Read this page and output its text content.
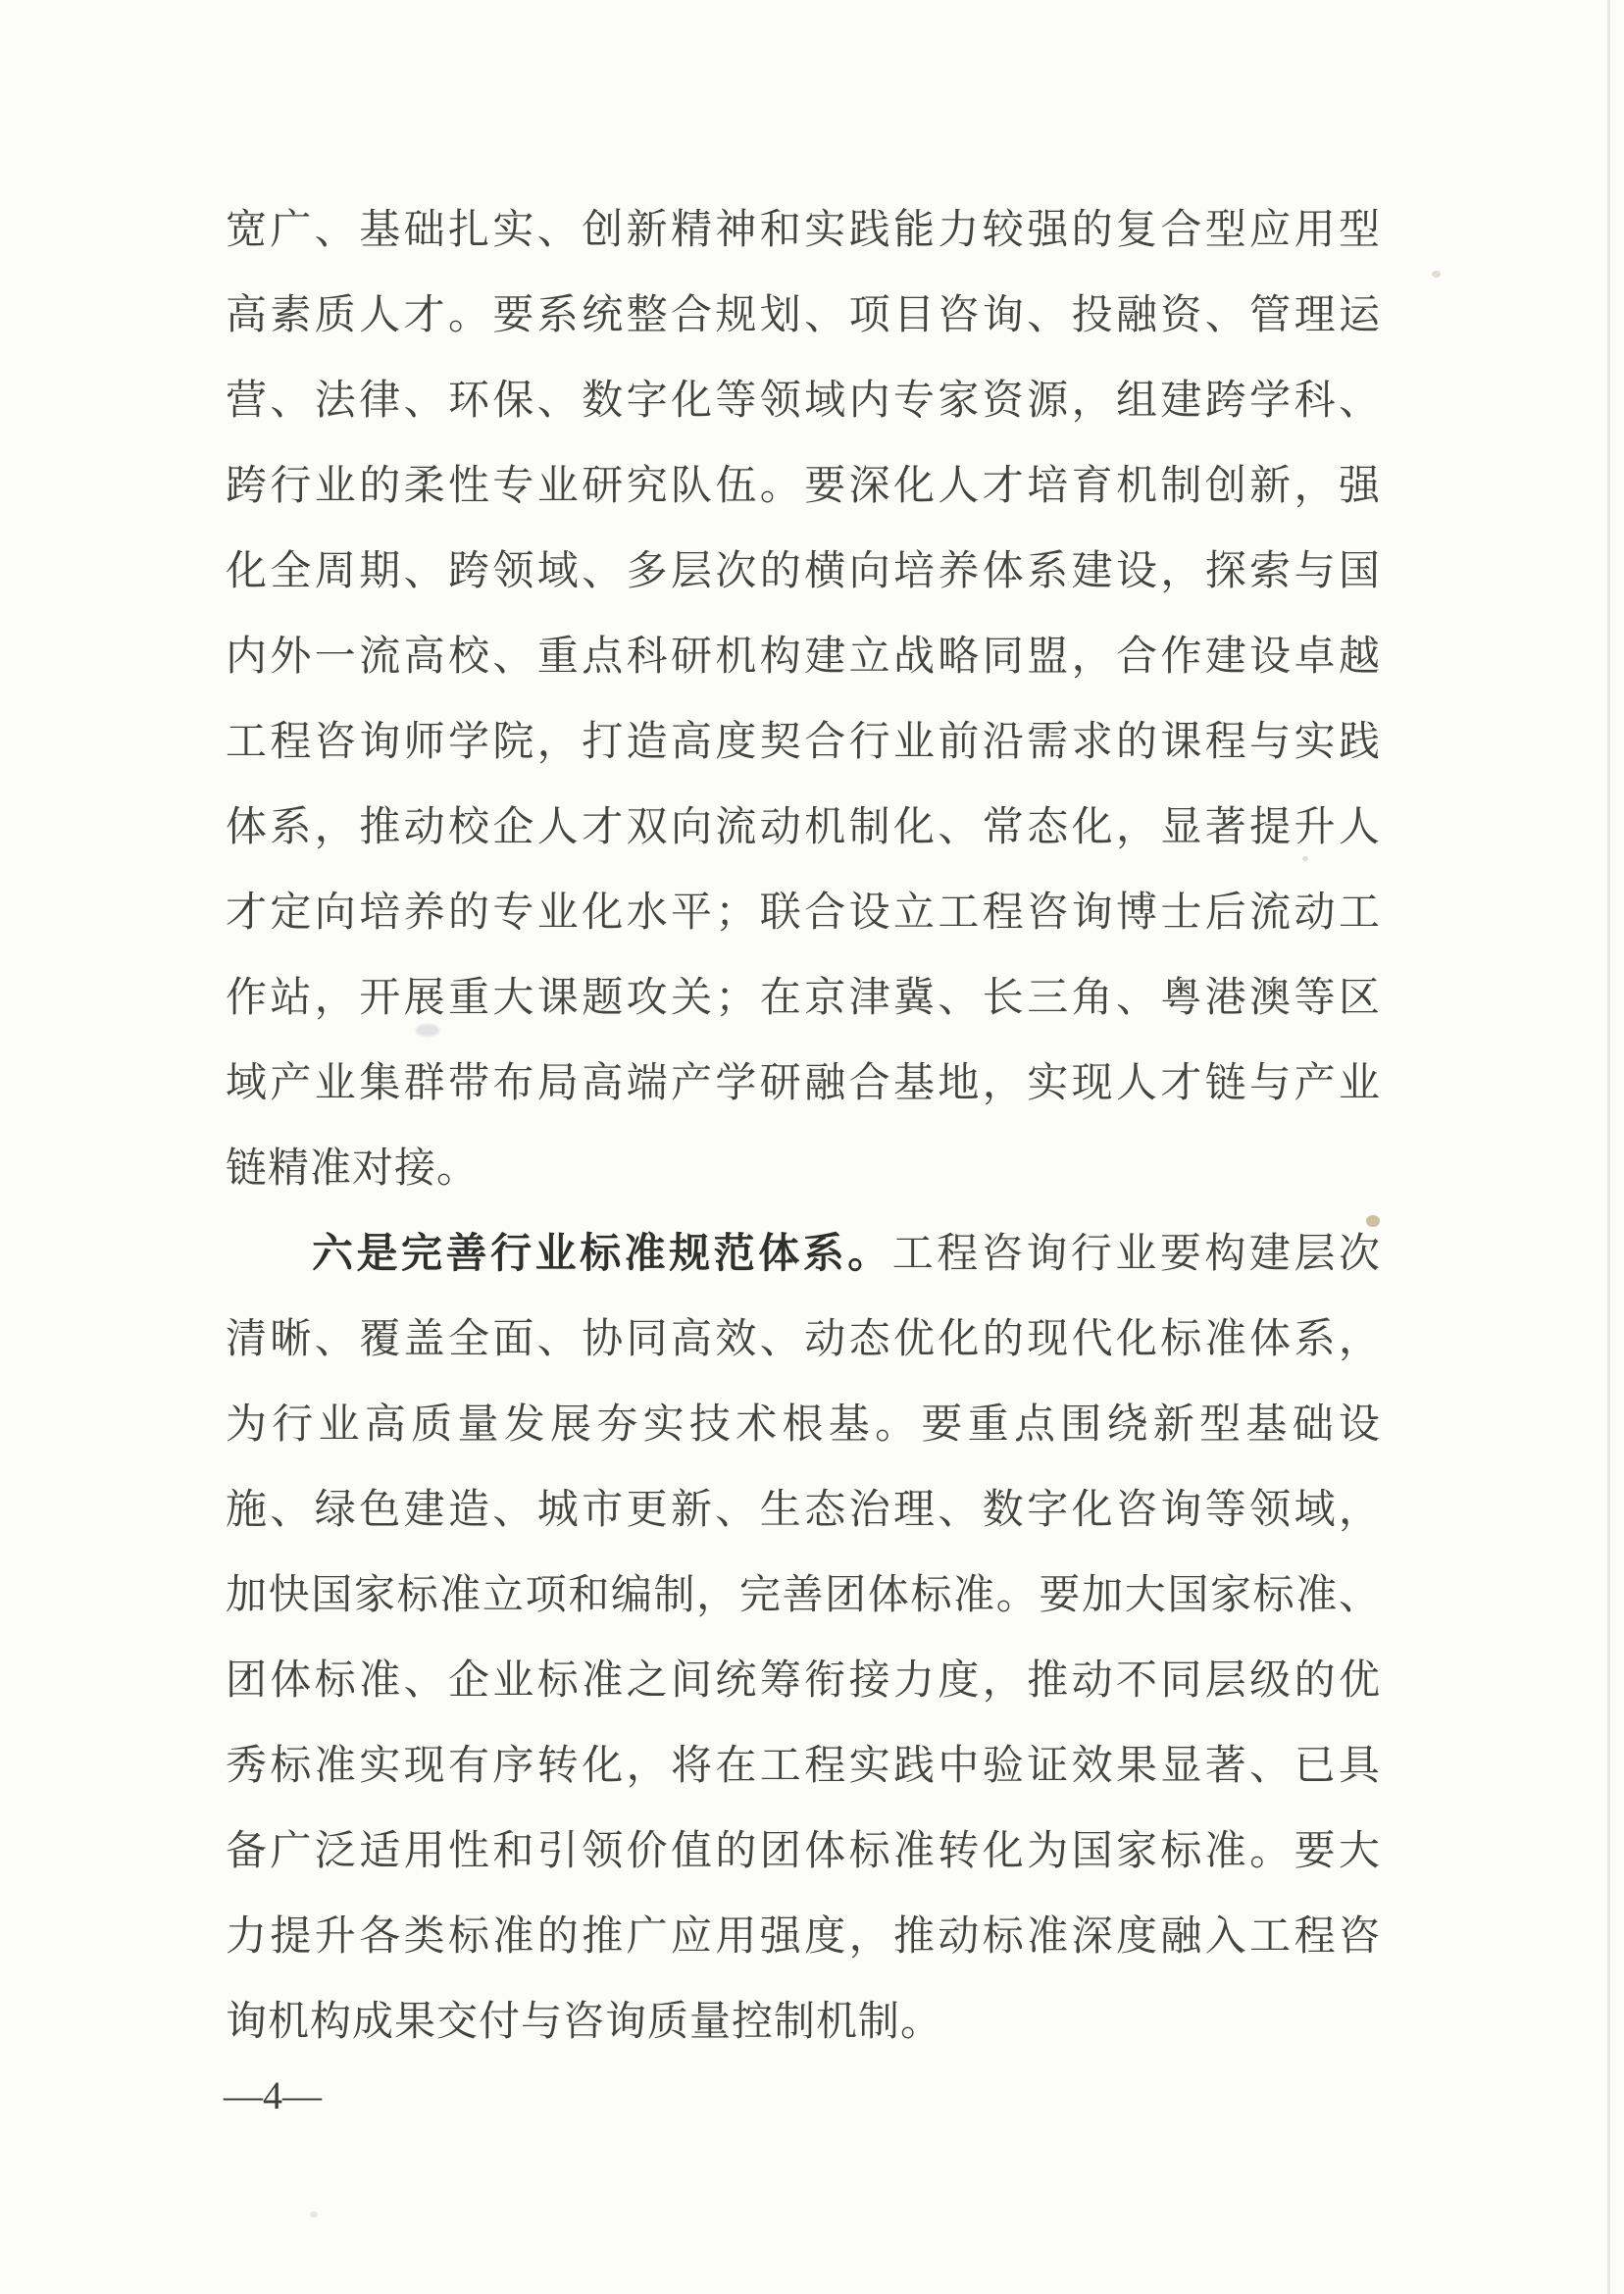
宽广、基础扎实、创新精神和实践能力较强的复合型应用型
高素质人才。要系统整合规划、项目咨询、投融资、管理运
营、法律、环保、数字化等领域内专家资源，组建跨学科、
跨行业的柔性专业研究队伍。要深化人才培育机制创新，强
化全周期、跨领域、多层次的横向培养体系建设，探索与国
内外一流高校、重点科研机构建立战略同盟，合作建设卓越
工程咨询师学院，打造高度契合行业前沿需求的课程与实践
体系，推动校企人才双向流动机制化、常态化，显著提升人
才定向培养的专业化水平；联合设立工程咨询博士后流动工
作站，开展重大课题攻关；在京津冀、长三角、粤港澳等区
域产业集群带布局高端产学研融合基地，实现人才链与产业
链精准对接。
六是完善行业标准规范体系。工程咨询行业要构建层次
清晰、覆盖全面、协同高效、动态优化的现代化标准体系，
为行业高质量发展夯实技术根基。要重点围绕新型基础设
施、绿色建造、城市更新、生态治理、数字化咨询等领域，
加快国家标准立项和编制，完善团体标准。要加大国家标准、
团体标准、企业标准之间统筹衔接力度，推动不同层级的优
秀标准实现有序转化，将在工程实践中验证效果显著、已具
备广泛适用性和引领价值的团体标准转化为国家标准。要大
力提升各类标准的推广应用强度，推动标准深度融入工程咨
询机构成果交付与咨询质量控制机制。
—4—
